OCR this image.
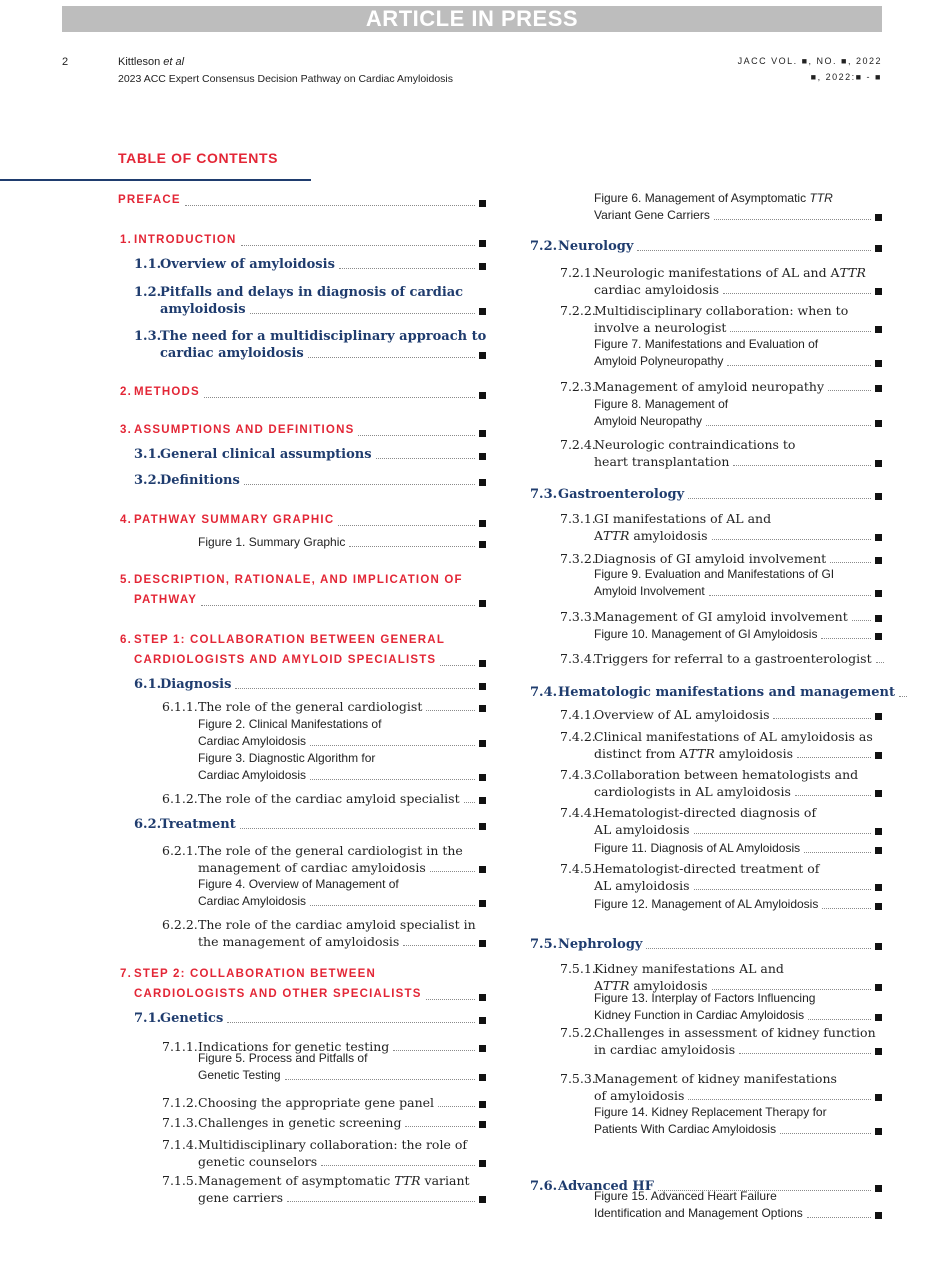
ARTICLE IN PRESS
2	Kittleson et al
2023 ACC Expert Consensus Decision Pathway on Cardiac Amyloidosis
JACC VOL. ■, NO. ■, 2022
■, 2022:■ - ■
TABLE OF CONTENTS
PREFACE
1. INTRODUCTION
1.1.
Overview of amyloidosis
1.2.
Pitfalls and delays in diagnosis of cardiac
amyloidosis
1.3.
The need for a multidisciplinary approach to
cardiac amyloidosis
2. METHODS
3. ASSUMPTIONS AND DEFINITIONS
3.1.
General clinical assumptions
3.2.
Definitions
4. PATHWAY SUMMARY GRAPHIC
Figure 1. Summary Graphic
5. DESCRIPTION, RATIONALE, AND IMPLICATION OF
PATHWAY
6. STEP 1: COLLABORATION BETWEEN GENERAL
CARDIOLOGISTS AND AMYLOID SPECIALISTS
6.1.
Diagnosis
6.1.1. The role of the general cardiologist
Figure 2. Clinical Manifestations of
Cardiac Amyloidosis
Figure 3. Diagnostic Algorithm for
Cardiac Amyloidosis
6.1.2. The role of the cardiac amyloid specialist
6.2.
Treatment
6.2.1. The role of the general cardiologist in the
management of cardiac amyloidosis
Figure 4. Overview of Management of
Cardiac Amyloidosis
6.2.2. The role of the cardiac amyloid specialist in
the management of amyloidosis
7. STEP 2: COLLABORATION BETWEEN
CARDIOLOGISTS AND OTHER SPECIALISTS
7.1.
Genetics
7.1.1. Indications for genetic testing
Figure 5. Process and Pitfalls of
Genetic Testing
7.1.2. Choosing the appropriate gene panel
7.1.3. Challenges in genetic screening
7.1.4. Multidisciplinary collaboration: the role of
genetic counselors
7.1.5. Management of asymptomatic TTR variant
gene carriers
Figure 6. Management of Asymptomatic TTR
Variant Gene Carriers
7.2. Neurology
7.2.1.
Neurologic manifestations of AL and ATTR
cardiac amyloidosis
7.2.2.
Multidisciplinary collaboration: when to
involve a neurologist
Figure 7. Manifestations and Evaluation of
Amyloid Polyneuropathy
7.2.3.
Management of amyloid neuropathy
Figure 8. Management of
Amyloid Neuropathy
7.2.4.
Neurologic contraindications to
heart transplantation
7.3. Gastroenterology
7.3.1.
GI manifestations of AL and
ATTR amyloidosis
7.3.2.
Diagnosis of GI amyloid involvement
Figure 9. Evaluation and Manifestations of GI
Amyloid Involvement
7.3.3.
Management of GI amyloid involvement
Figure 10. Management of GI Amyloidosis
7.3.4.
Triggers for referral to a gastroenterologist
7.4. Hematologic manifestations and management
7.4.1.
Overview of AL amyloidosis
7.4.2.
Clinical manifestations of AL amyloidosis as
distinct from ATTR amyloidosis
7.4.3.
Collaboration between hematologists and
cardiologists in AL amyloidosis
7.4.4.
Hematologist-directed diagnosis of
AL amyloidosis
Figure 11. Diagnosis of AL Amyloidosis
7.4.5.
Hematologist-directed treatment of
AL amyloidosis
Figure 12. Management of AL Amyloidosis
7.5. Nephrology
7.5.1.
Kidney manifestations AL and
ATTR amyloidosis
Figure 13. Interplay of Factors Influencing
Kidney Function in Cardiac Amyloidosis
7.5.2.
Challenges in assessment of kidney function
in cardiac amyloidosis
7.5.3.
Management of kidney manifestations
of amyloidosis
Figure 14. Kidney Replacement Therapy for
Patients With Cardiac Amyloidosis
7.6. Advanced HF
Figure 15. Advanced Heart Failure
Identification and Management Options
